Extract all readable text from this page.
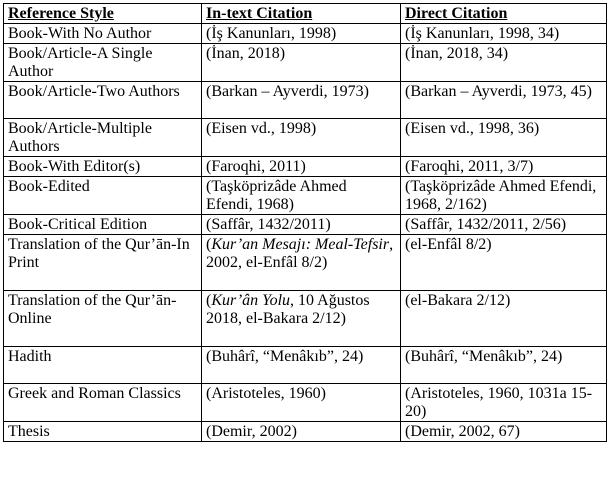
Reference Style	In-text Citation	Direct Citation
Book-With No Author	(İş Kanunları, 1998)	(İş Kanunları, 1998, 34)
Book/Article-A Single Author	(İnan, 2018)	(İnan, 2018, 34)
Book/Article-Two Authors	(Barkan – Ayverdi, 1973)	(Barkan – Ayverdi, 1973, 45)
Book/Article-Multiple Authors	(Eisen vd., 1998)	(Eisen vd., 1998, 36)
Book-With Editor(s)	(Faroqhi, 2011)	(Faroqhi, 2011, 3/7)
Book-Edited	(Taşköprizâde Ahmed Efendi, 1968)	(Taşköprizâde Ahmed Efendi, 1968, 2/162)
Book-Critical Edition	(Saffâr, 1432/2011)	(Saffâr, 1432/2011, 2/56)
Translation of the Qur’ān-In Print	(Kur’an Mesajı: Meal-Tefsir, 2002, el-Enfâl 8/2)	(el-Enfâl 8/2)
Translation of the Qur’ān-Online	(Kur’ân Yolu, 10 Ağustos 2018, el-Bakara 2/12)	(el-Bakara 2/12)
Hadith	(Buhârî, “Menâkıb”, 24)	(Buhârî, “Menâkıb”, 24)
Greek and Roman Classics	(Aristoteles, 1960)	(Aristoteles, 1960, 1031a 15-20)
Thesis	(Demir, 2002)	(Demir, 2002, 67)
